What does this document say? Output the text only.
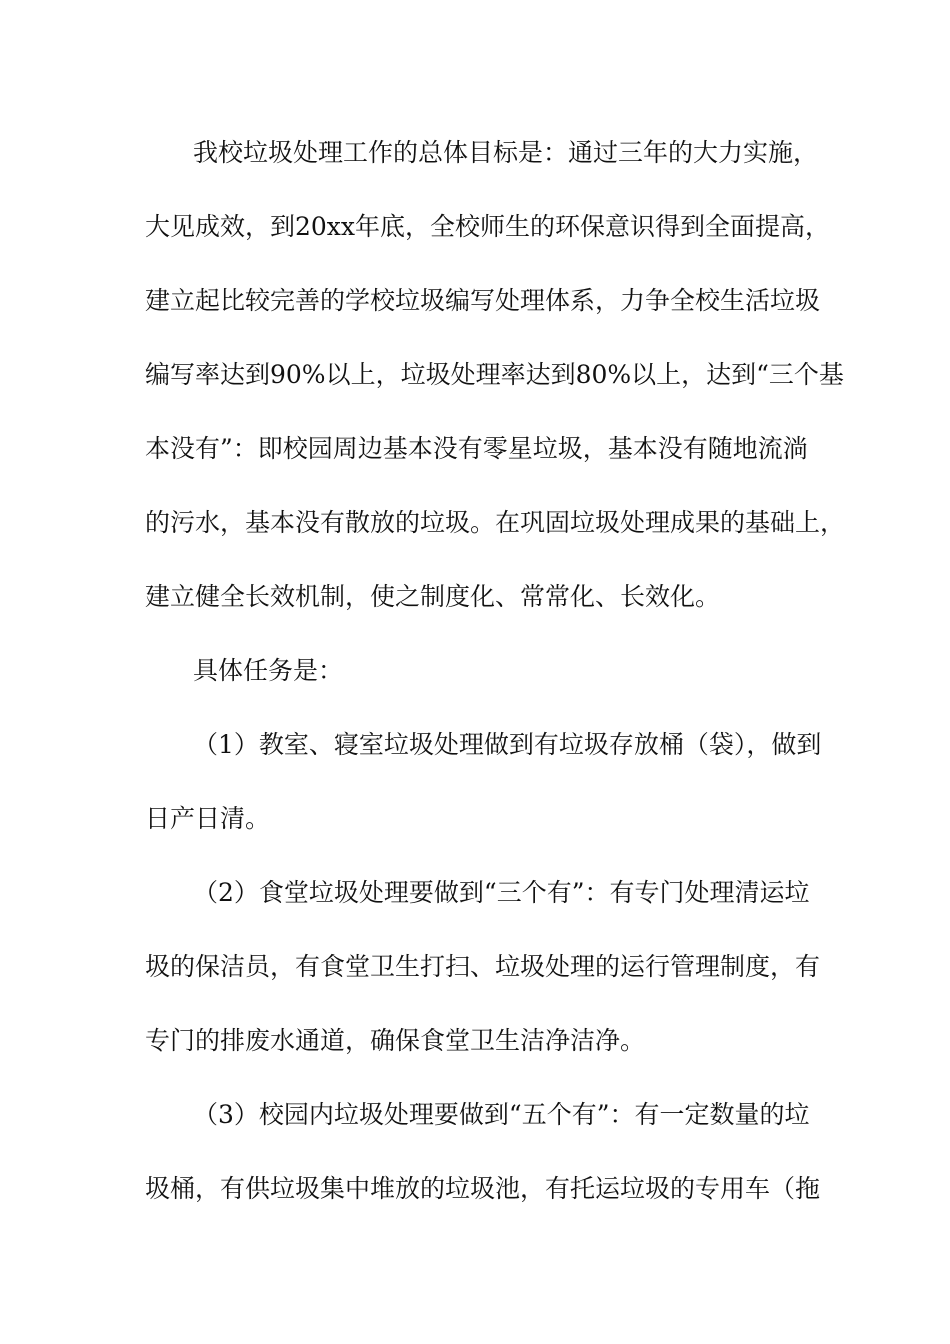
我校垃圾处理工作的总体目标是：通过三年的大力实施，
大见成效，到20xx年底，全校师生的环保意识得到全面提高，
建立起比较完善的学校垃圾编写处理体系，力争全校生活垃圾
编写率达到90%以上，垃圾处理率达到80%以上，达到“三个基
本没有”：即校园周边基本没有零星垃圾，基本没有随地流淌
的污水，基本没有散放的垃圾。在巩固垃圾处理成果的基础上，
建立健全长效机制，使之制度化、常常化、长效化。
具体任务是：
（1）教室、寝室垃圾处理做到有垃圾存放桶（袋），做到
日产日清。
（2）食堂垃圾处理要做到“三个有”：有专门处理清运垃
圾的保洁员，有食堂卫生打扫、垃圾处理的运行管理制度，有
专门的排废水通道，确保食堂卫生洁净洁净。
（3）校园内垃圾处理要做到“五个有”：有一定数量的垃
圾桶，有供垃圾集中堆放的垃圾池，有托运垃圾的专用车（拖
